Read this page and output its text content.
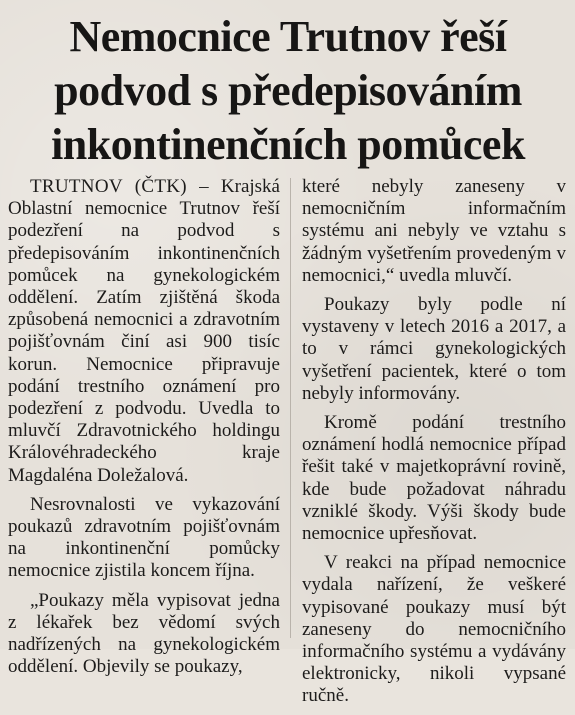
Nemocnice Trutnov řeší
podvod s předepisováním
inkontinenčních pomůcek

TRUTNOV (ČTK) – Krajská Oblastní nemocnice Trutnov řeší podezření na podvod s předepisováním inkontinenčních pomůcek na gynekologickém oddělení. Zatím zjištěná škoda způsobená nemocnici a zdravotním pojišťovnám činí asi 900 tisíc korun. Nemocnice připravuje podání trestního oznámení pro podezření z podvodu. Uvedla to mluvčí Zdravotnického holdingu Královéhradeckého kraje Magdaléna Doležalová.

Nesrovnalosti ve vykazování poukazů zdravotním pojišťovnám na inkontinenční pomůcky nemocnice zjistila koncem října.

„Poukazy měla vypisovat jedna z lékařek bez vědomí svých nadřízených na gynekologickém oddělení. Objevily se poukazy,

které nebyly zaneseny v nemocničním informačním systému ani nebyly ve vztahu s žádným vyšetřením provedeným v nemocnici,“ uvedla mluvčí.

Poukazy byly podle ní vystaveny v letech 2016 a 2017, a to v rámci gynekologických vyšetření pacientek, které o tom nebyly informovány.

Kromě podání trestního oznámení hodlá nemocnice případ řešit také v majetkoprávní rovině, kde bude požadovat náhradu vzniklé škody. Výši škody bude nemocnice upřesňovat.

V reakci na případ nemocnice vydala nařízení, že veškeré vypisované poukazy musí být zaneseny do nemocničního informačního systému a vydávány elektronicky, nikoli vypsané ručně.
